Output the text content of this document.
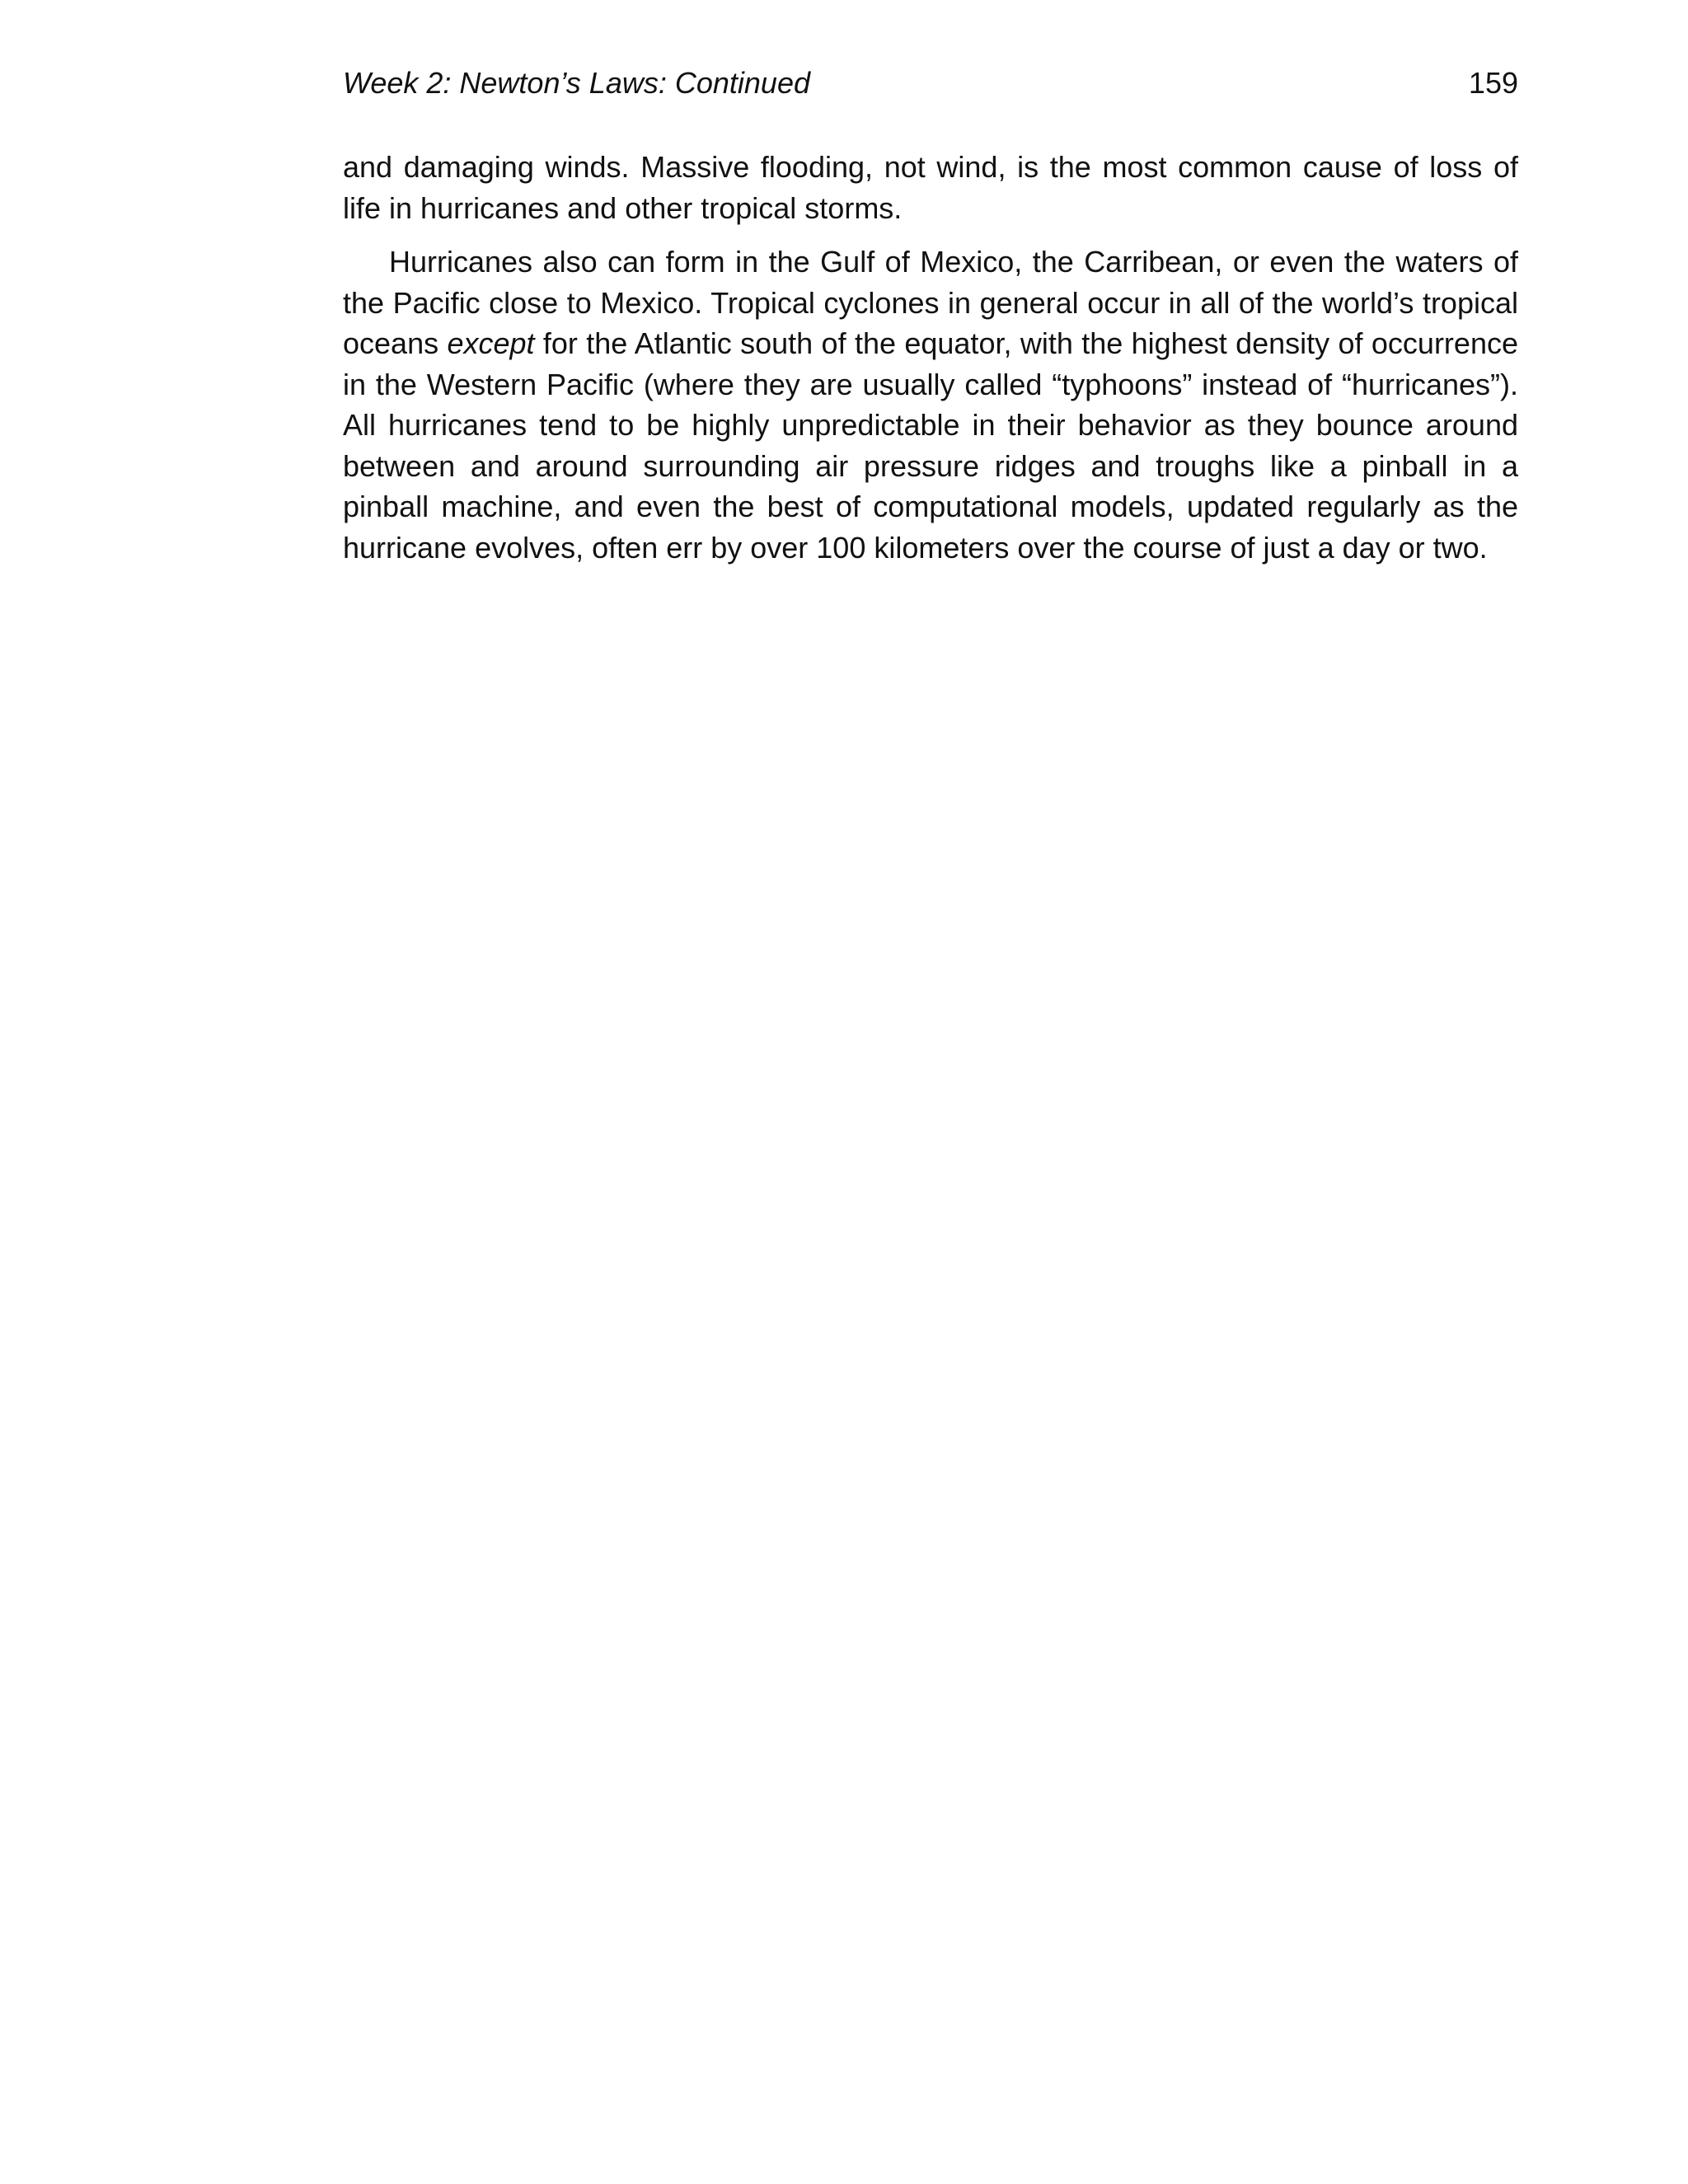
Week 2: Newton’s Laws: Continued	159

and damaging winds. Massive flooding, not wind, is the most common cause of loss of life in hurricanes and other tropical storms.

Hurricanes also can form in the Gulf of Mexico, the Carribean, or even the waters of the Pacific close to Mexico. Tropical cyclones in general occur in all of the world’s tropical oceans except for the Atlantic south of the equator, with the highest density of occurrence in the Western Pacific (where they are usually called “typhoons” instead of “hurricanes”). All hurricanes tend to be highly unpredictable in their behavior as they bounce around between and around surrounding air pressure ridges and troughs like a pinball in a pinball machine, and even the best of computational models, updated regularly as the hurricane evolves, often err by over 100 kilometers over the course of just a day or two.
